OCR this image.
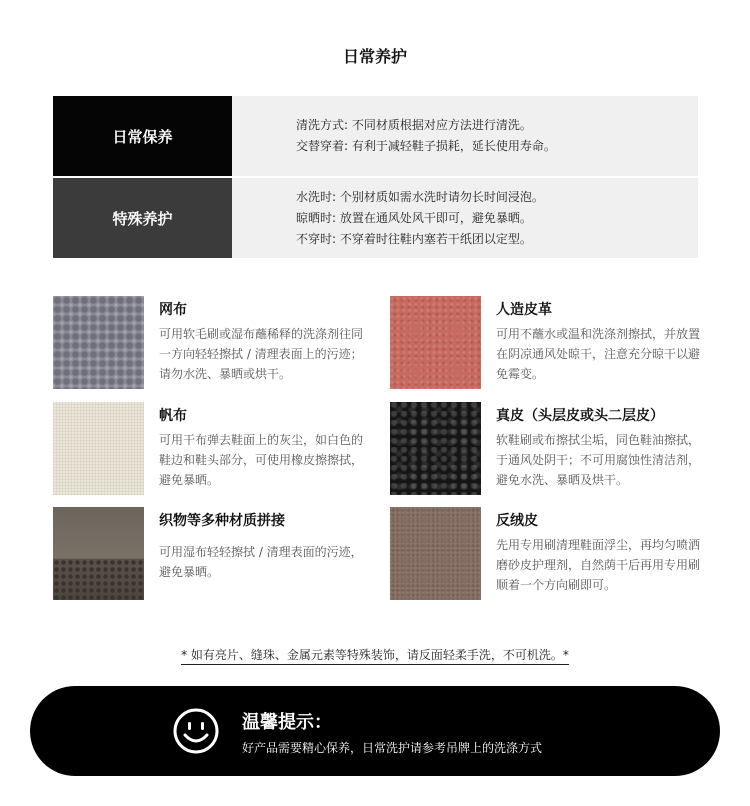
日常养护
日常保养
清洗方式: 不同材质根据对应方法进行清洗。
交替穿着: 有利于减轻鞋子损耗，延长使用寿命。
特殊养护
水洗时: 个别材质如需水洗时请勿长时间浸泡。
晾晒时: 放置在通风处风干即可，避免暴晒。
不穿时: 不穿着时往鞋内塞若干纸团以定型。
网布
可用软毛刷或湿布蘸稀释的洗涤剂往同一方向轻轻擦拭 / 清理表面上的污迹；请勿水洗、暴晒或烘干。
人造皮革
可用不蘸水或温和洗涤剂擦拭，并放置在阴凉通风处晾干，注意充分晾干以避免霉变。
帆布
可用干布弹去鞋面上的灰尘，如白色的鞋边和鞋头部分，可使用橡皮擦擦拭，避免暴晒。
真皮（头层皮或头二层皮）
软鞋刷或布擦拭尘垢，同色鞋油擦拭，于通风处阴干；不可用腐蚀性清洁剂，避免水洗、暴晒及烘干。
织物等多种材质拼接
可用湿布轻轻擦拭 / 清理表面的污迹，避免暴晒。
反绒皮
先用专用刷清理鞋面浮尘，再均匀喷洒磨砂皮护理剂，自然荫干后再用专用刷顺着一个方向刷即可。
* 如有亮片、缝珠、金属元素等特殊装饰，请反面轻柔手洗，不可机洗。*
温馨提示：
好产品需要精心保养，日常洗护请参考吊牌上的洗涤方式
